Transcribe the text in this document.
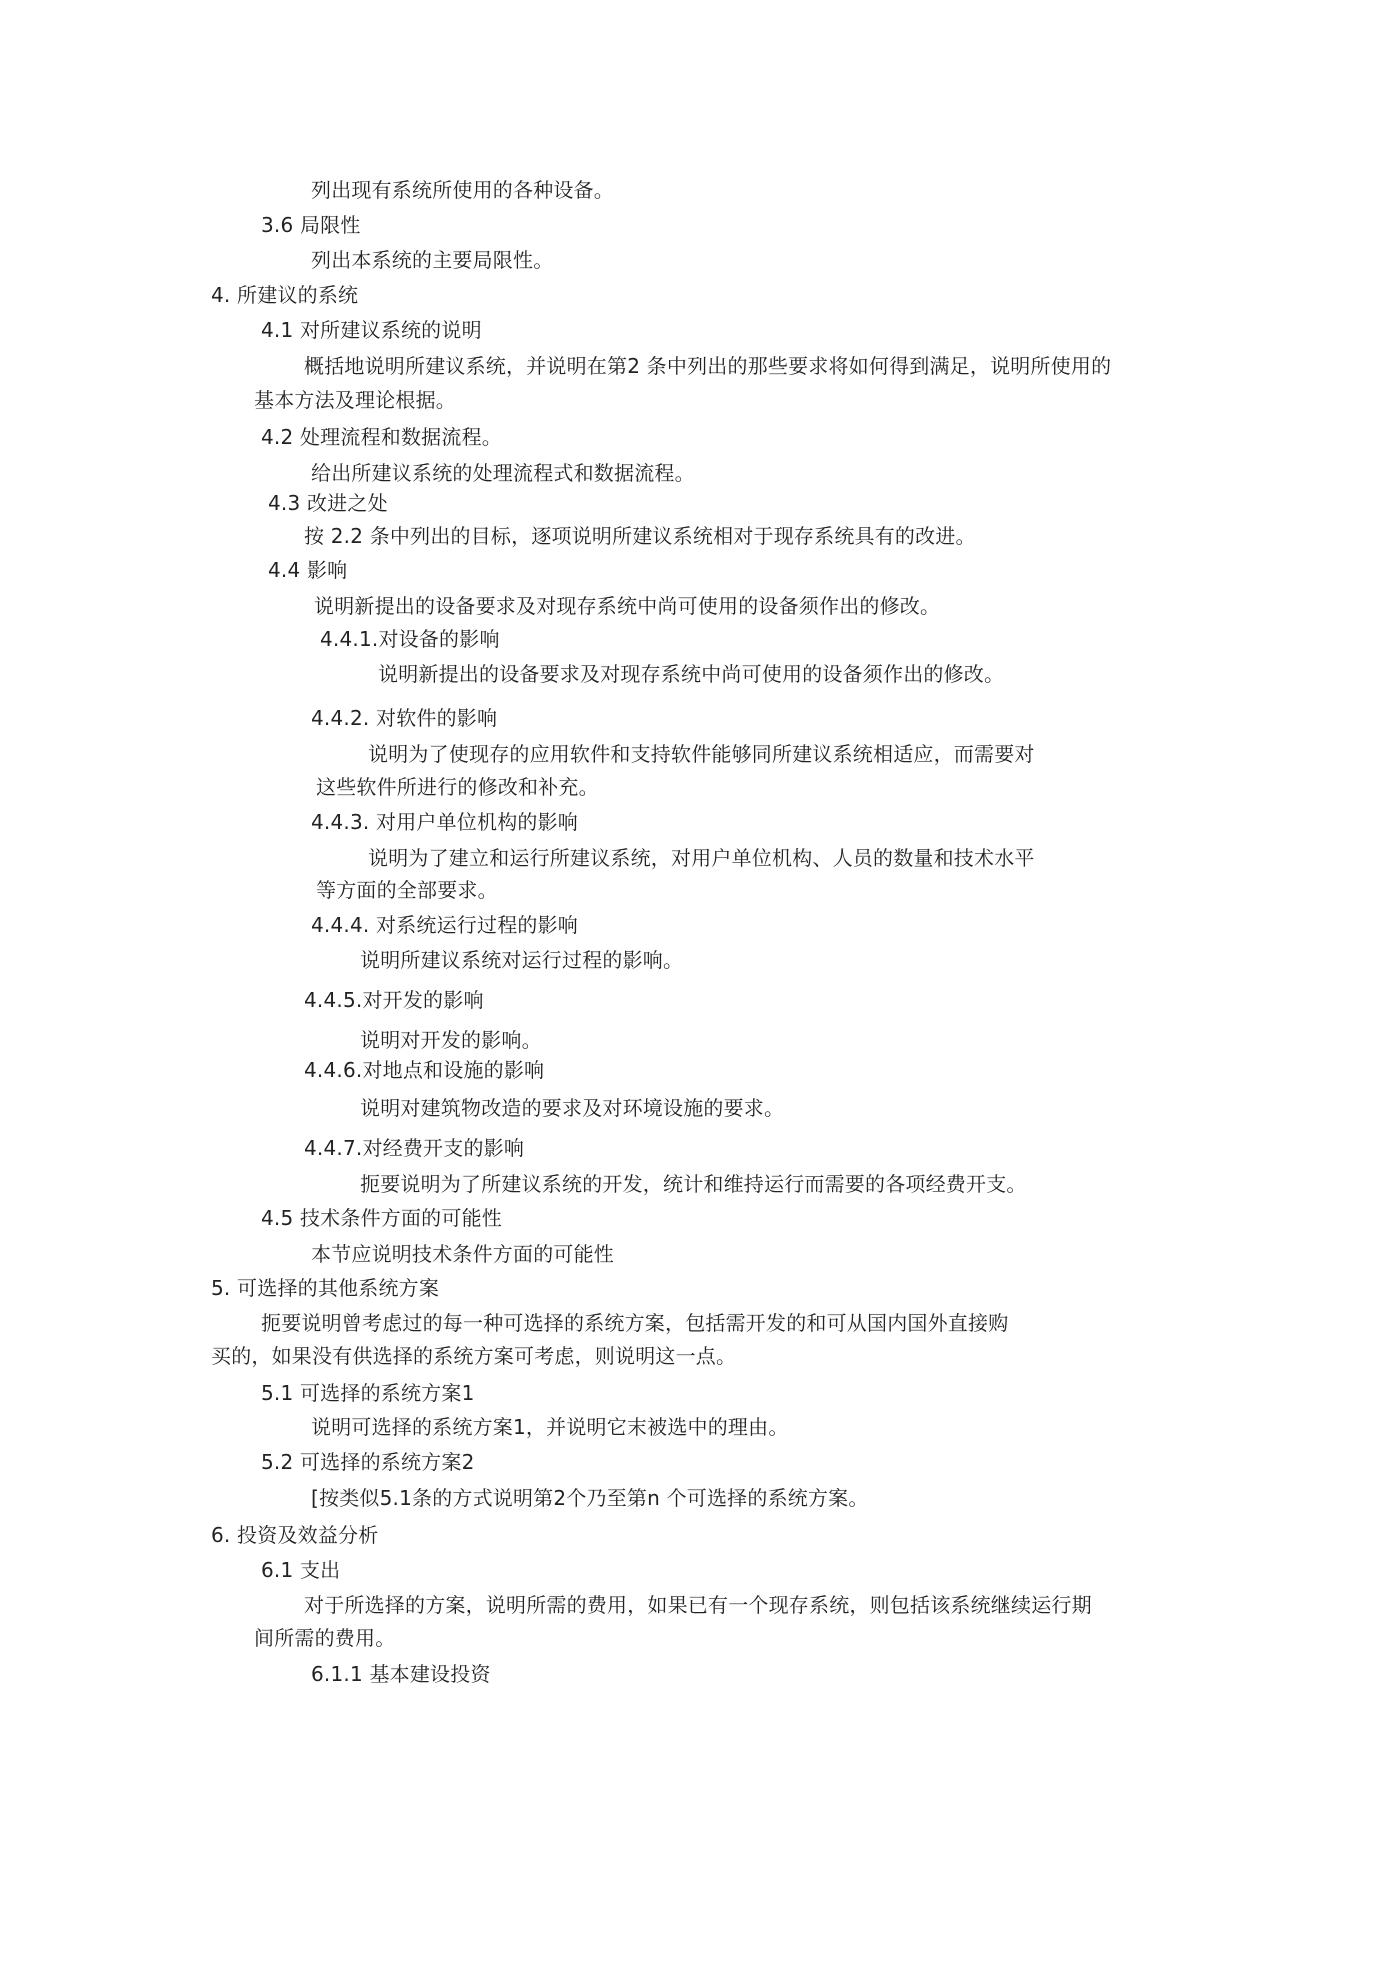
列出现有系统所使用的各种设备。
3.6 局限性
列出本系统的主要局限性。
4. 所建议的系统
4.1 对所建议系统的说明
概括地说明所建议系统，并说明在第2 条中列出的那些要求将如何得到满足，说明所使用的
基本方法及理论根据。
4.2 处理流程和数据流程。
给出所建议系统的处理流程式和数据流程。
4.3 改进之处
按 2.2 条中列出的目标，逐项说明所建议系统相对于现存系统具有的改进。
4.4 影响
说明新提出的设备要求及对现存系统中尚可使用的设备须作出的修改。
4.4.1.对设备的影响
说明新提出的设备要求及对现存系统中尚可使用的设备须作出的修改。
4.4.2. 对软件的影响
说明为了使现存的应用软件和支持软件能够同所建议系统相适应，而需要对
这些软件所进行的修改和补充。
4.4.3. 对用户单位机构的影响
说明为了建立和运行所建议系统，对用户单位机构、人员的数量和技术水平
等方面的全部要求。
4.4.4. 对系统运行过程的影响
说明所建议系统对运行过程的影响。
4.4.5.对开发的影响
说明对开发的影响。
4.4.6.对地点和设施的影响
说明对建筑物改造的要求及对环境设施的要求。
4.4.7.对经费开支的影响
扼要说明为了所建议系统的开发，统计和维持运行而需要的各项经费开支。
4.5 技术条件方面的可能性
本节应说明技术条件方面的可能性
5. 可选择的其他系统方案
扼要说明曾考虑过的每一种可选择的系统方案，包括需开发的和可从国内国外直接购
买的，如果没有供选择的系统方案可考虑，则说明这一点。
5.1 可选择的系统方案1
说明可选择的系统方案1，并说明它末被选中的理由。
5.2 可选择的系统方案2
[按类似5.1条的方式说明第2个乃至第n 个可选择的系统方案。
6. 投资及效益分析
6.1 支出
对于所选择的方案，说明所需的费用，如果已有一个现存系统，则包括该系统继续运行期
间所需的费用。
6.1.1 基本建设投资
